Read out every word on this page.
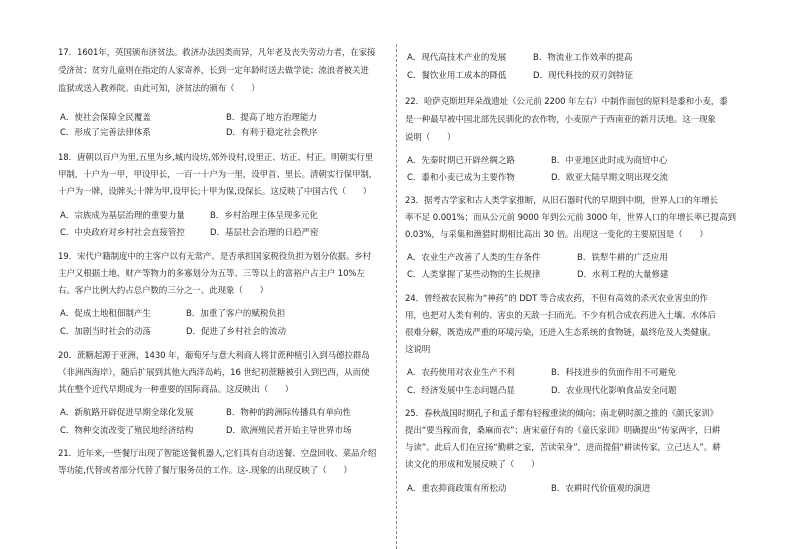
17．1601年，英国颁布济贫法。救济办法因类而异，凡年老及丧失劳动力者，在家接
受济贫；贫穷儿童则在指定的人家寄养，长到一定年龄时送去做学徒；流浪者被关进
监狱或送入教养院。由此可知，济贫法的颁布（　　）
A．使社会保障全民覆盖	B．提高了地方治理能力
C．形成了完善法律体系	D．有利于稳定社会秩序
18．唐朝以百户为里,五里为乡,城内设坊,郊外设村,设里正、坊正、村正。明朝实行里
甲制，十户为一甲，甲设甲长，一百一十户为一里，设甲首、里长。清朝实行保甲制，
十户为一牌，设牌头;十牌为甲,设甲长;十甲为保,设保长。这反映了中国古代（　　）
A．宗族成为基层治理的重要力量	B．乡村治理主体呈现多元化
C．中央政府对乡村社会直接管控	D．基层社会治理的日趋严密
19．宋代户籍制度中的主客户以有无常产、是否承担国家税役负担为划分依据。乡村
主户又根据土地、财产等物力的多寡划分为五等、三等以上的富裕户占主户 10%左
右。客户比例大约占总户数的三分之一。此现象（　　）
A．促成土地租佃制产生	B．加重了客户的赋税负担
C．加剧当时社会的动荡	D．促进了乡村社会的流动
20．蔗糖起源于亚洲，1430 年，葡萄牙与意大利商人将甘蔗种植引入到马德拉群岛
（非洲西海岸），随后扩展到其他大西洋岛屿，16 世纪初蔗糖被引入到巴西，从而使
其在整个近代早期成为一种重要的国际商品。这反映出（　　）
A．新航路开辟促进早期全球化发展	B．物种的跨洲际传播具有单向性
C．物种交流改变了殖民地经济结构	D．欧洲殖民者开始主导世界市场
21．近年来,一些餐厅出现了智能送餐机器人,它们具有自动送餐、空盘回收、菜品介绍
等功能,代替或者部分代替了餐厅服务员的工作。这-.现象的出现反映了（　　）
A．现代高技术产业的发展	B．物流业工作效率的提高
C．餐饮业用工成本的降低	D．现代科技的双刃剑特征
22．哈萨克斯坦拜朵战遗址（公元前 2200 年左右）中制作面包的原料是黍和小麦，黍
是一种最早被中国北部先民驯化的农作物，小麦原产于西南亚的新月沃地。这一现象
说明（　　）
A．先秦时期已开辟丝绸之路	B．中亚地区此时成为商贸中心
C．黍和小麦已成为主要作物	D．欧亚大陆早期文明出现交流
23．据考古学家和古人类学家推断，从旧石器时代的早期到中期，世界人口的年增长
率不足 0.001%；而从公元前 9000 年到公元前 3000 年，世界人口的年增长率已提高到
0.03%，与采集和渔猎时期相比高出 30 倍。出现这一变化的主要原因是（　　）
A．农业生产改善了人类的生存条件	B．铁犁牛耕的广泛应用
C．人类掌握了某些动物的生长规律	D．水利工程的大量修建
24．曾经被农民称为“神药”的 DDT 等合成农药，不但有高效的杀灭农业害虫的作
用，也把对人类有利的、害虫的天敌一扫而光。不少有机合成农药进入土壤、水体后
很难分解，既造成严重的环境污染，还进入生态系统的食物链，最终危及人类健康。
这说明
A．农药使用对农业生产不利	B．科技进步的负面作用不可避免
C．经济发展中生态问题凸显	D．农业现代化影响食品安全问题
25．春秋战国时期孔子和孟子都有轻稼重读的倾向；南北朝时颜之推的《颜氏家训》
提出“要当稼而食，桑麻而衣”；唐宋童仔有的《童氏家训》明确提出“传家两字，曰耕
与读”。此后人们在宣扬“勤耕之家，苦读荣身”，进而提倡“耕读传家，立己达人”。耕
读文化的形成和发展反映了（　　）
A．重农抑商政策有所松动	B．农耕时代价值观的演进
